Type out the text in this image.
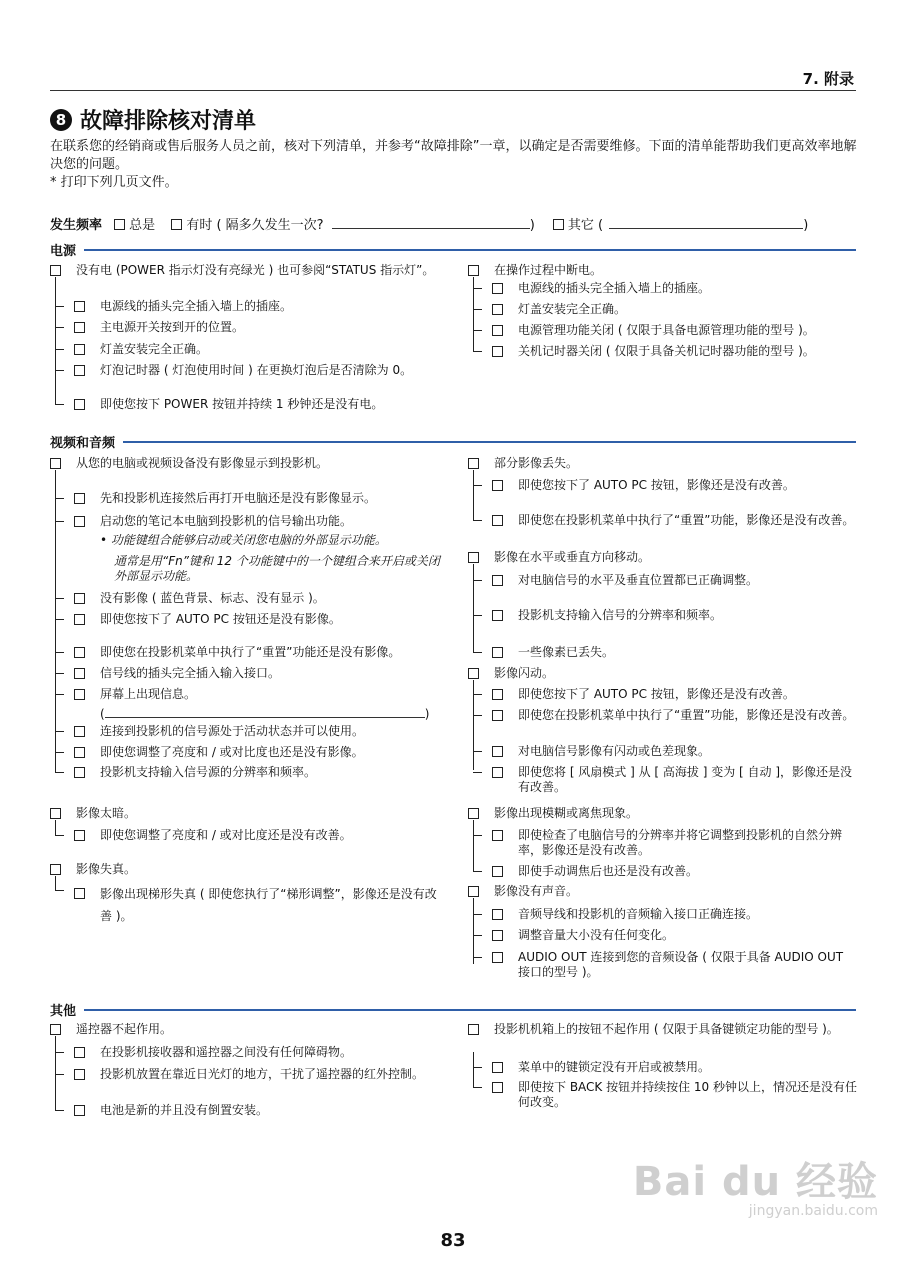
7. 附录
8 故障排除核对清单
在联系您的经销商或售后服务人员之前，核对下列清单，并参考“故障排除”一章，以确定是否需要维修。下面的清单能帮助我们更高效率地解决您的问题。
* 打印下列几页文件。
发生频率 总是 有时 ( 隔多久发生一次?	)	其它 (	)
电源
没有电 (POWER 指示灯没有亮绿光 ) 也可参阅“STATUS 指示灯”。
电源线的插头完全插入墙上的插座。
主电源开关按到开的位置。
灯盖安装完全正确。
灯泡记时器 ( 灯泡使用时间 ) 在更换灯泡后是否清除为 0。
即使您按下 POWER 按钮并持续 1 秒钟还是没有电。
在操作过程中断电。
电源线的插头完全插入墙上的插座。
灯盖安装完全正确。
电源管理功能关闭 ( 仅限于具备电源管理功能的型号 )。
关机记时器关闭 ( 仅限于具备关机记时器功能的型号 )。
视频和音频
从您的电脑或视频设备没有影像显示到投影机。
先和投影机连接然后再打开电脑还是没有影像显示。
启动您的笔记本电脑到投影机的信号输出功能。
• 功能键组合能够启动或关闭您电脑的外部显示功能。
通常是用“Fn”键和 12 个功能键中的一个键组合来开启或关闭外部显示功能。
没有影像 ( 蓝色背景、标志、没有显示 )。
即使您按下了 AUTO PC 按钮还是没有影像。
即使您在投影机菜单中执行了“重置”功能还是没有影像。
信号线的插头完全插入输入接口。
屏幕上出现信息。
(	)
连接到投影机的信号源处于活动状态并可以使用。
即使您调整了亮度和 / 或对比度也还是没有影像。
投影机支持输入信号源的分辨率和频率。
影像太暗。
即使您调整了亮度和 / 或对比度还是没有改善。
影像失真。
影像出现梯形失真 ( 即使您执行了“梯形调整”，影像还是没有改善 )。
部分影像丢失。
即使您按下了 AUTO PC 按钮，影像还是没有改善。
即使您在投影机菜单中执行了“重置”功能，影像还是没有改善。
影像在水平或垂直方向移动。
对电脑信号的水平及垂直位置都已正确调整。
投影机支持输入信号的分辨率和频率。
一些像素已丢失。
影像闪动。
即使您按下了 AUTO PC 按钮，影像还是没有改善。
即使您在投影机菜单中执行了“重置”功能，影像还是没有改善。
对电脑信号影像有闪动或色差现象。
即使您将 [ 风扇模式 ] 从 [ 高海拔 ] 变为 [ 自动 ]，影像还是没有改善。
影像出现模糊或离焦现象。
即使检查了电脑信号的分辨率并将它调整到投影机的自然分辨率，影像还是没有改善。
即使手动调焦后也还是没有改善。
影像没有声音。
音频导线和投影机的音频输入接口正确连接。
调整音量大小没有任何变化。
AUDIO OUT 连接到您的音频设备 ( 仅限于具备 AUDIO OUT 接口的型号 )。
其他
遥控器不起作用。
在投影机接收器和遥控器之间没有任何障碍物。
投影机放置在靠近日光灯的地方，干扰了遥控器的红外控制。
电池是新的并且没有倒置安装。
投影机机箱上的按钮不起作用 ( 仅限于具备键锁定功能的型号 )。
菜单中的键锁定没有开启或被禁用。
即使按下 BACK 按钮并持续按住 10 秒钟以上，情况还是没有任何改变。
Bai du 经验
jingyan.baidu.com
83
